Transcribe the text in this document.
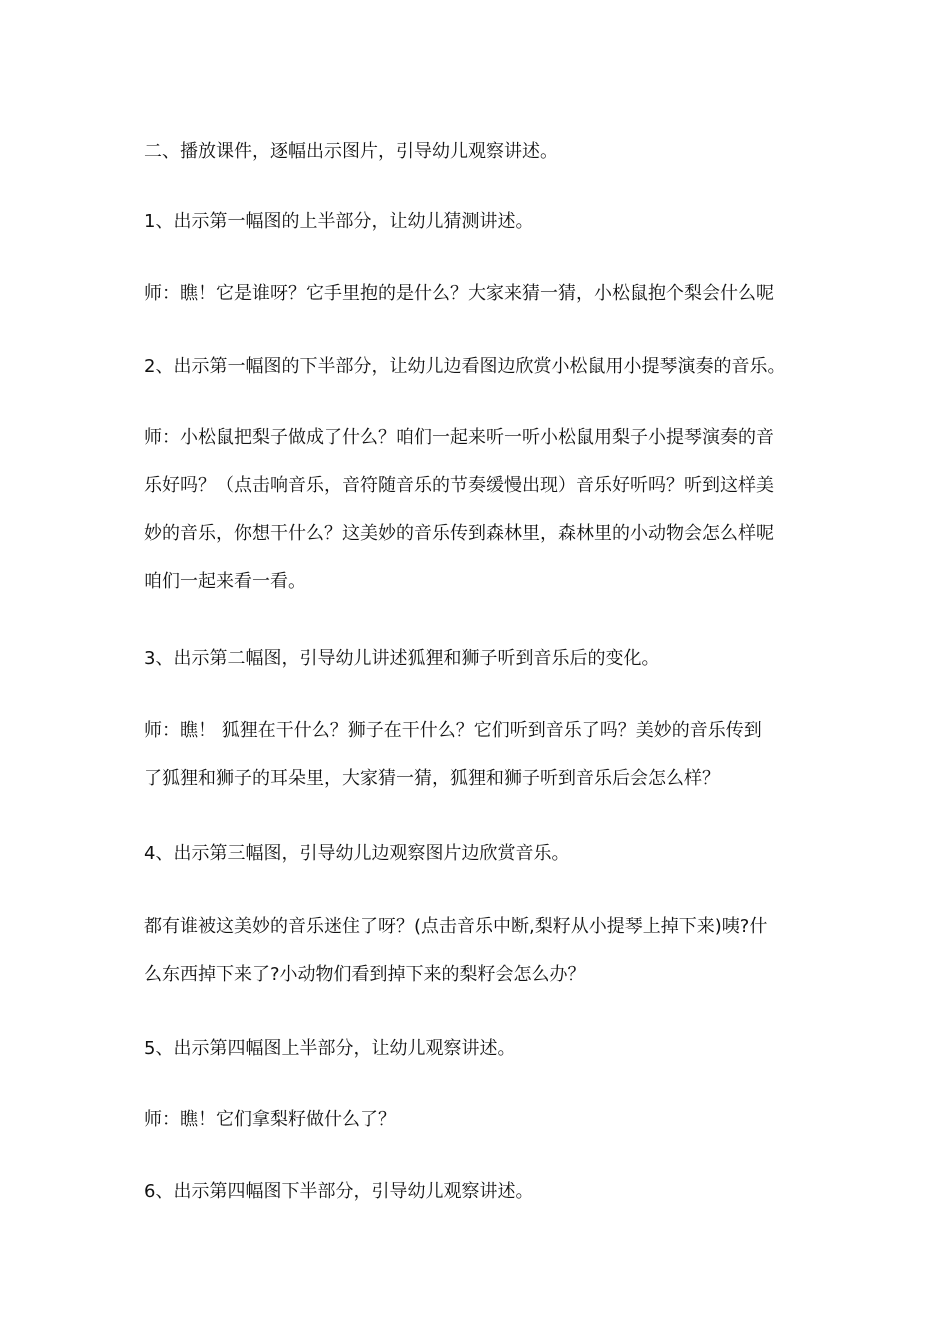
二、播放课件，逐幅出示图片，引导幼儿观察讲述。
1、出示第一幅图的上半部分，让幼儿猜测讲述。
师：瞧！它是谁呀？它手里抱的是什么？大家来猜一猜，小松鼠抱个梨会什么呢
2、出示第一幅图的下半部分，让幼儿边看图边欣赏小松鼠用小提琴演奏的音乐。
师：小松鼠把梨子做成了什么？咱们一起来听一听小松鼠用梨子小提琴演奏的音
乐好吗？（点击响音乐，音符随音乐的节奏缓慢出现）音乐好听吗？听到这样美
妙的音乐，你想干什么？这美妙的音乐传到森林里，森林里的小动物会怎么样呢
咱们一起来看一看。
3、出示第二幅图，引导幼儿讲述狐狸和狮子听到音乐后的变化。
师：瞧！ 狐狸在干什么？狮子在干什么？它们听到音乐了吗？美妙的音乐传到
了狐狸和狮子的耳朵里，大家猜一猜，狐狸和狮子听到音乐后会怎么样？
4、出示第三幅图，引导幼儿边观察图片边欣赏音乐。
都有谁被这美妙的音乐迷住了呀？(点击音乐中断,梨籽从小提琴上掉下来)咦?什
么东西掉下来了?小动物们看到掉下来的梨籽会怎么办？
5、出示第四幅图上半部分，让幼儿观察讲述。
师：瞧！它们拿梨籽做什么了？
6、出示第四幅图下半部分，引导幼儿观察讲述。
